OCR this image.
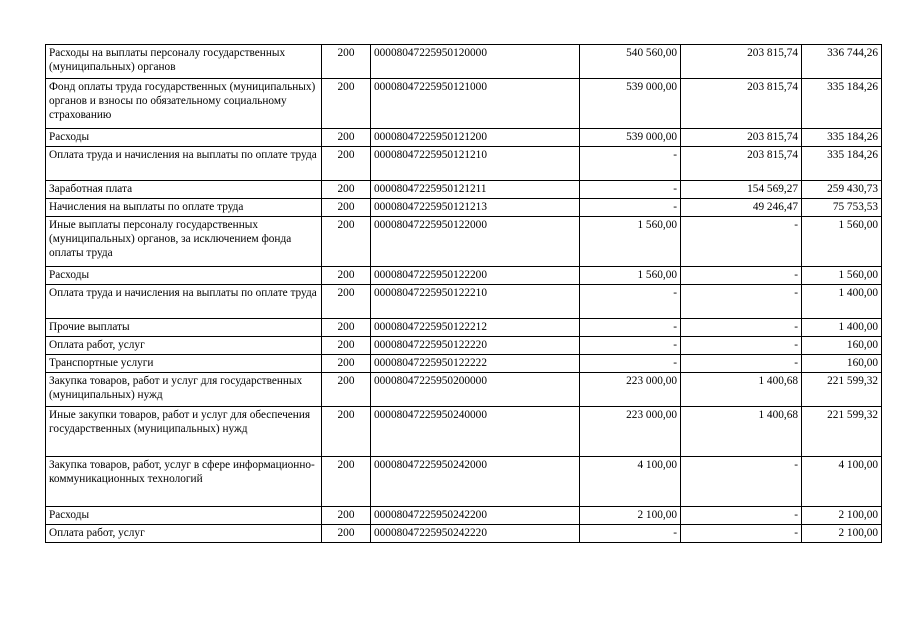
Расходы на выплаты персоналу государственных (муниципальных) органов	200	00008047225950120000	540 560,00	203 815,74	336 744,26
Фонд оплаты труда государственных (муниципальных) органов и взносы по обязательному социальному страхованию	200	00008047225950121000	539 000,00	203 815,74	335 184,26
Расходы	200	00008047225950121200	539 000,00	203 815,74	335 184,26
Оплата труда и начисления на выплаты по оплате труда	200	00008047225950121210	-	203 815,74	335 184,26
Заработная плата	200	00008047225950121211	-	154 569,27	259 430,73
Начисления на выплаты по оплате труда	200	00008047225950121213	-	49 246,47	75 753,53
Иные выплаты персоналу государственных (муниципальных) органов, за исключением фонда оплаты труда	200	00008047225950122000	1 560,00	-	1 560,00
Расходы	200	00008047225950122200	1 560,00	-	1 560,00
Оплата труда и начисления на выплаты по оплате труда	200	00008047225950122210	-	-	1 400,00
Прочие выплаты	200	00008047225950122212	-	-	1 400,00
Оплата работ, услуг	200	00008047225950122220	-	-	160,00
Транспортные услуги	200	00008047225950122222	-	-	160,00
Закупка товаров, работ и услуг для государственных (муниципальных) нужд	200	00008047225950200000	223 000,00	1 400,68	221 599,32
Иные закупки товаров, работ и услуг для обеспечения государственных (муниципальных) нужд	200	00008047225950240000	223 000,00	1 400,68	221 599,32
Закупка товаров, работ, услуг в сфере информационно-коммуникационных технологий	200	00008047225950242000	4 100,00	-	4 100,00
Расходы	200	00008047225950242200	2 100,00	-	2 100,00
Оплата работ, услуг	200	00008047225950242220	-	-	2 100,00
